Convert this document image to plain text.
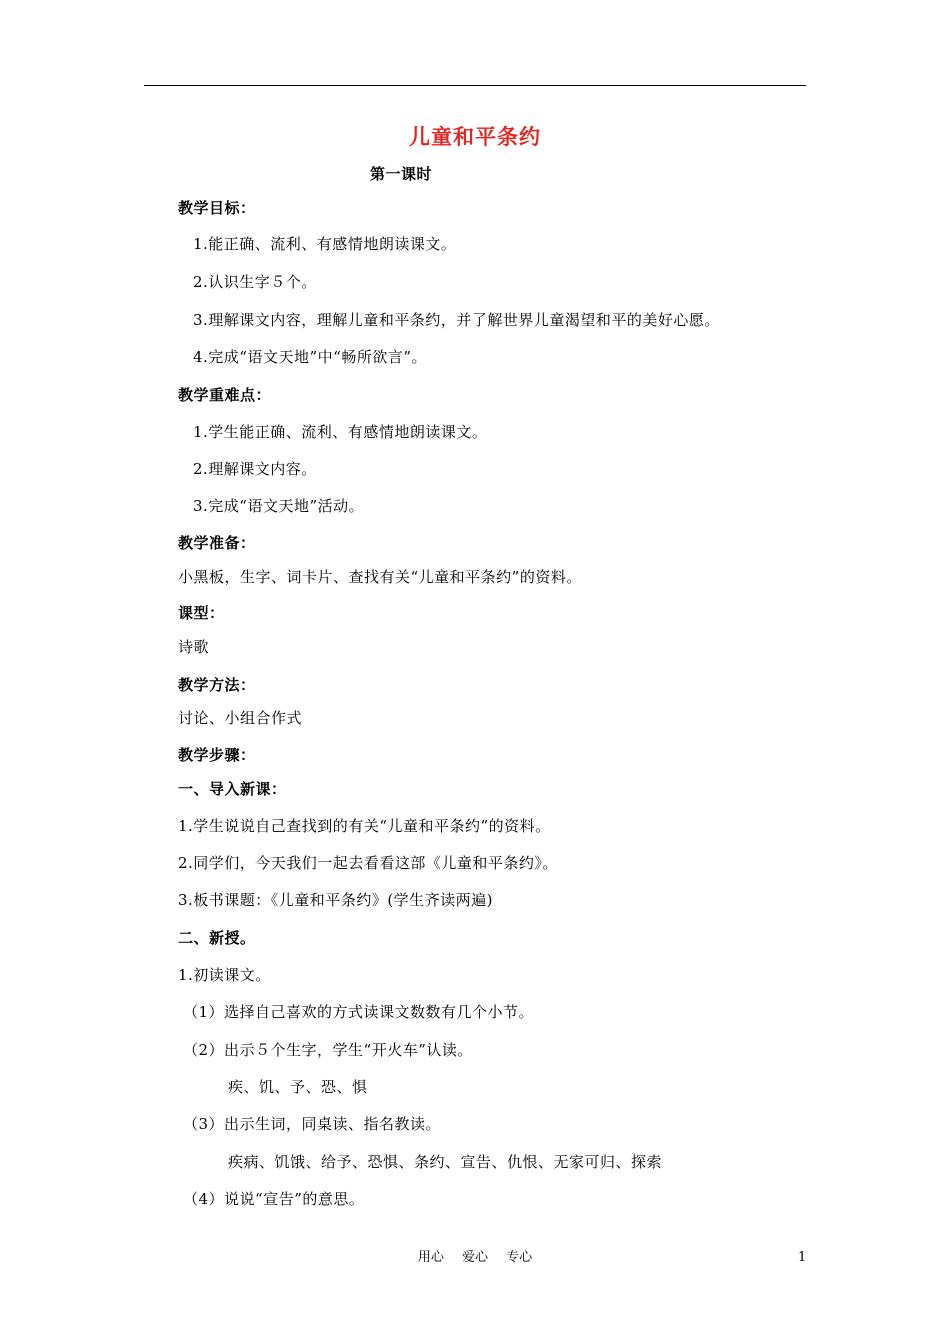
儿童和平条约
第一课时
教学目标：
1.能正确、流利、有感情地朗读课文。
2.认识生字５个。
3.理解课文内容，理解儿童和平条约，并了解世界儿童渴望和平的美好心愿。
4.完成“语文天地”中“畅所欲言”。
教学重难点：
1.学生能正确、流利、有感情地朗读课文。
2.理解课文内容。
3.完成“语文天地”活动。
教学准备：
小黑板，生字、词卡片、查找有关“儿童和平条约”的资料。
课型：
诗歌
教学方法：
讨论、小组合作式
教学步骤：
一、导入新课：
1.学生说说自己查找到的有关“儿童和平条约”的资料。
2.同学们，今天我们一起去看看这部《儿童和平条约》。
3.板书课题：《儿童和平条约》(学生齐读两遍)
二、新授。
1.初读课文。
（1）选择自己喜欢的方式读课文数数有几个小节。
（2）出示５个生字，学生“开火车”认读。
疾、饥、予、恐、惧
（3）出示生词，同桌读、指名教读。
疾病、饥饿、给予、恐惧、条约、宣告、仇恨、无家可归、探索
（4）说说“宣告”的意思。
用心 爱心 专心	1
